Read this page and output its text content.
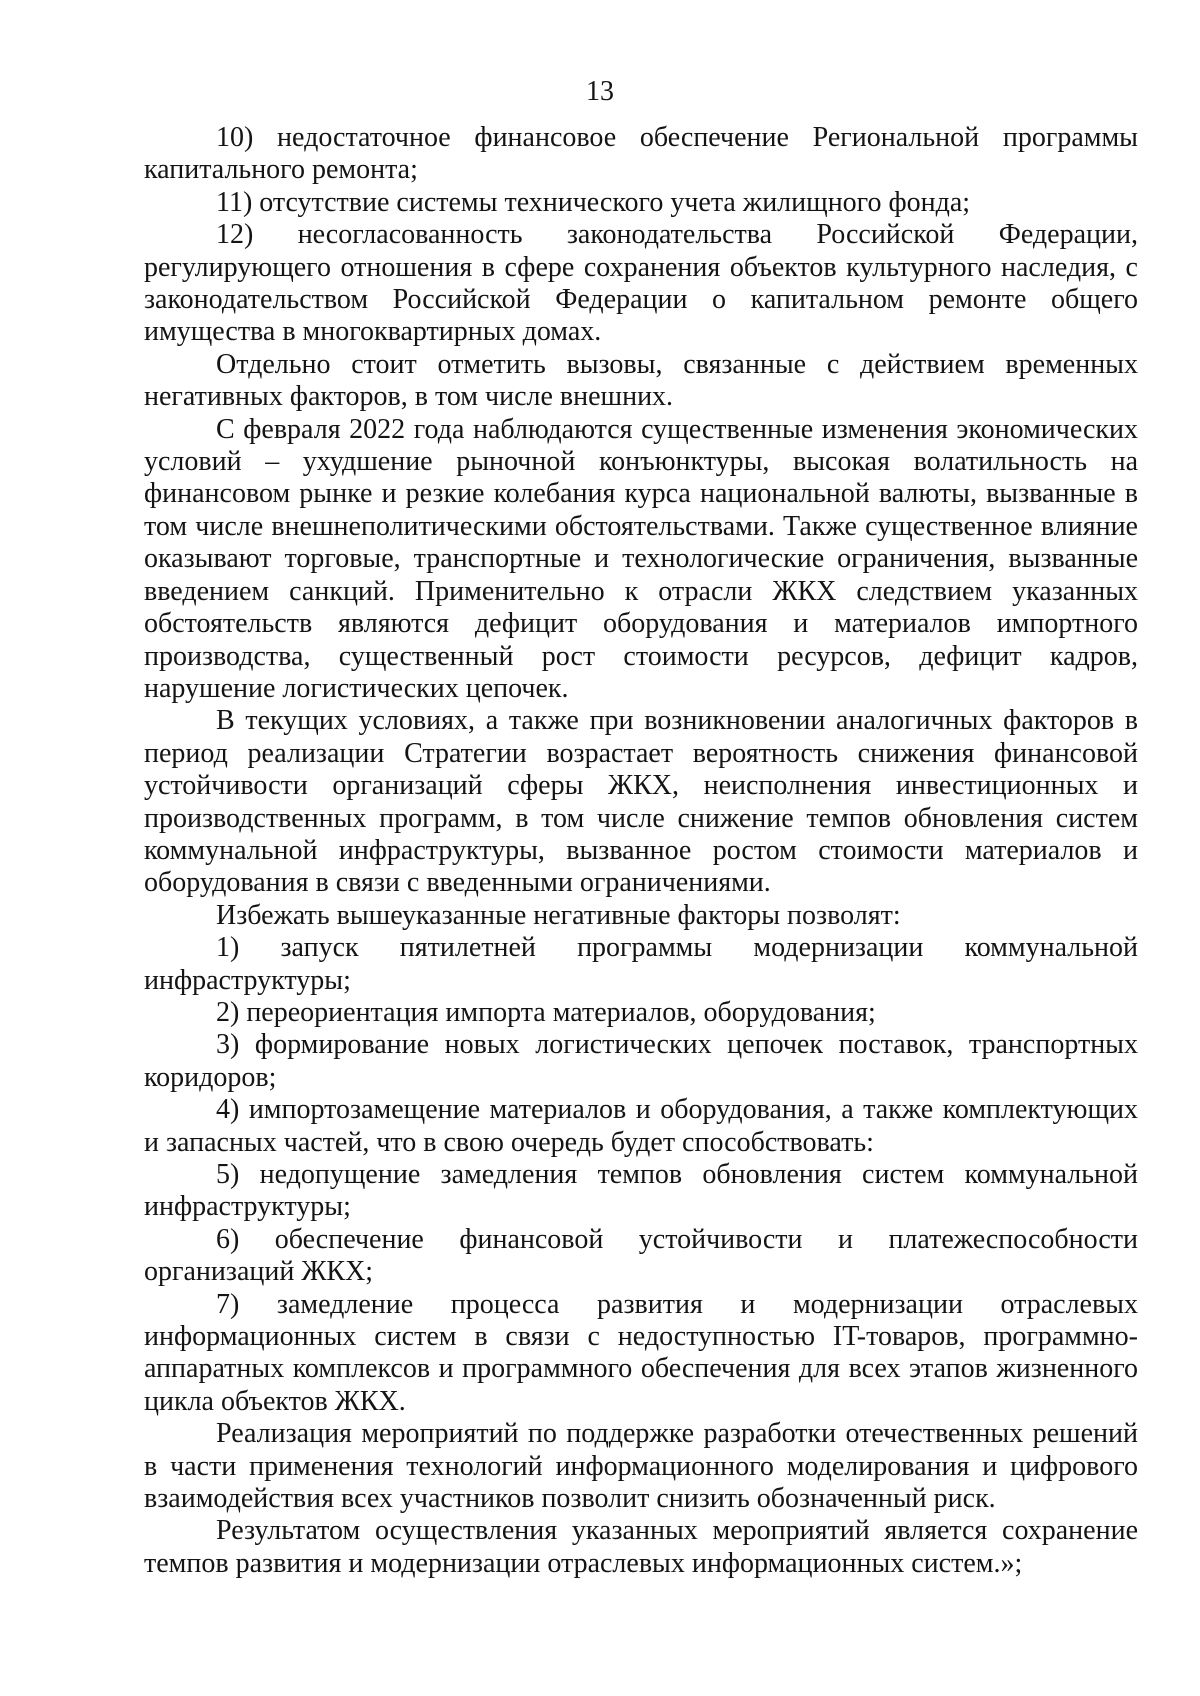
13

10) недостаточное финансовое обеспечение Региональной программы капитального ремонта;

11) отсутствие системы технического учета жилищного фонда;

12) несогласованность законодательства Российской Федерации, регулирующего отношения в сфере сохранения объектов культурного наследия, с законодательством Российской Федерации о капитальном ремонте общего имущества в многоквартирных домах.

Отдельно стоит отметить вызовы, связанные с действием временных негативных факторов, в том числе внешних.

С февраля 2022 года наблюдаются существенные изменения экономических условий – ухудшение рыночной конъюнктуры, высокая волатильность на финансовом рынке и резкие колебания курса национальной валюты, вызванные в том числе внешнеполитическими обстоятельствами. Также существенное влияние оказывают торговые, транспортные и технологические ограничения, вызванные введением санкций. Применительно к отрасли ЖКХ следствием указанных обстоятельств являются дефицит оборудования и материалов импортного производства, существенный рост стоимости ресурсов, дефицит кадров, нарушение логистических цепочек.

В текущих условиях, а также при возникновении аналогичных факторов в период реализации Стратегии возрастает вероятность снижения финансовой устойчивости организаций сферы ЖКХ, неисполнения инвестиционных и производственных программ, в том числе снижение темпов обновления систем коммунальной инфраструктуры, вызванное ростом стоимости материалов и оборудования в связи с введенными ограничениями.

Избежать вышеуказанные негативные факторы позволят:

1) запуск пятилетней программы модернизации коммунальной инфраструктуры;

2) переориентация импорта материалов, оборудования;

3) формирование новых логистических цепочек поставок, транспортных коридоров;

4) импортозамещение материалов и оборудования, а также комплектующих и запасных частей, что в свою очередь будет способствовать:

5) недопущение замедления темпов обновления систем коммунальной инфраструктуры;

6) обеспечение финансовой устойчивости и платежеспособности организаций ЖКХ;

7) замедление процесса развития и модернизации отраслевых информационных систем в связи с недоступностью IT-товаров, программно-аппаратных комплексов и программного обеспечения для всех этапов жизненного цикла объектов ЖКХ.

Реализация мероприятий по поддержке разработки отечественных решений в части применения технологий информационного моделирования и цифрового взаимодействия всех участников позволит снизить обозначенный риск.

Результатом осуществления указанных мероприятий является сохранение темпов развития и модернизации отраслевых информационных систем.»;
